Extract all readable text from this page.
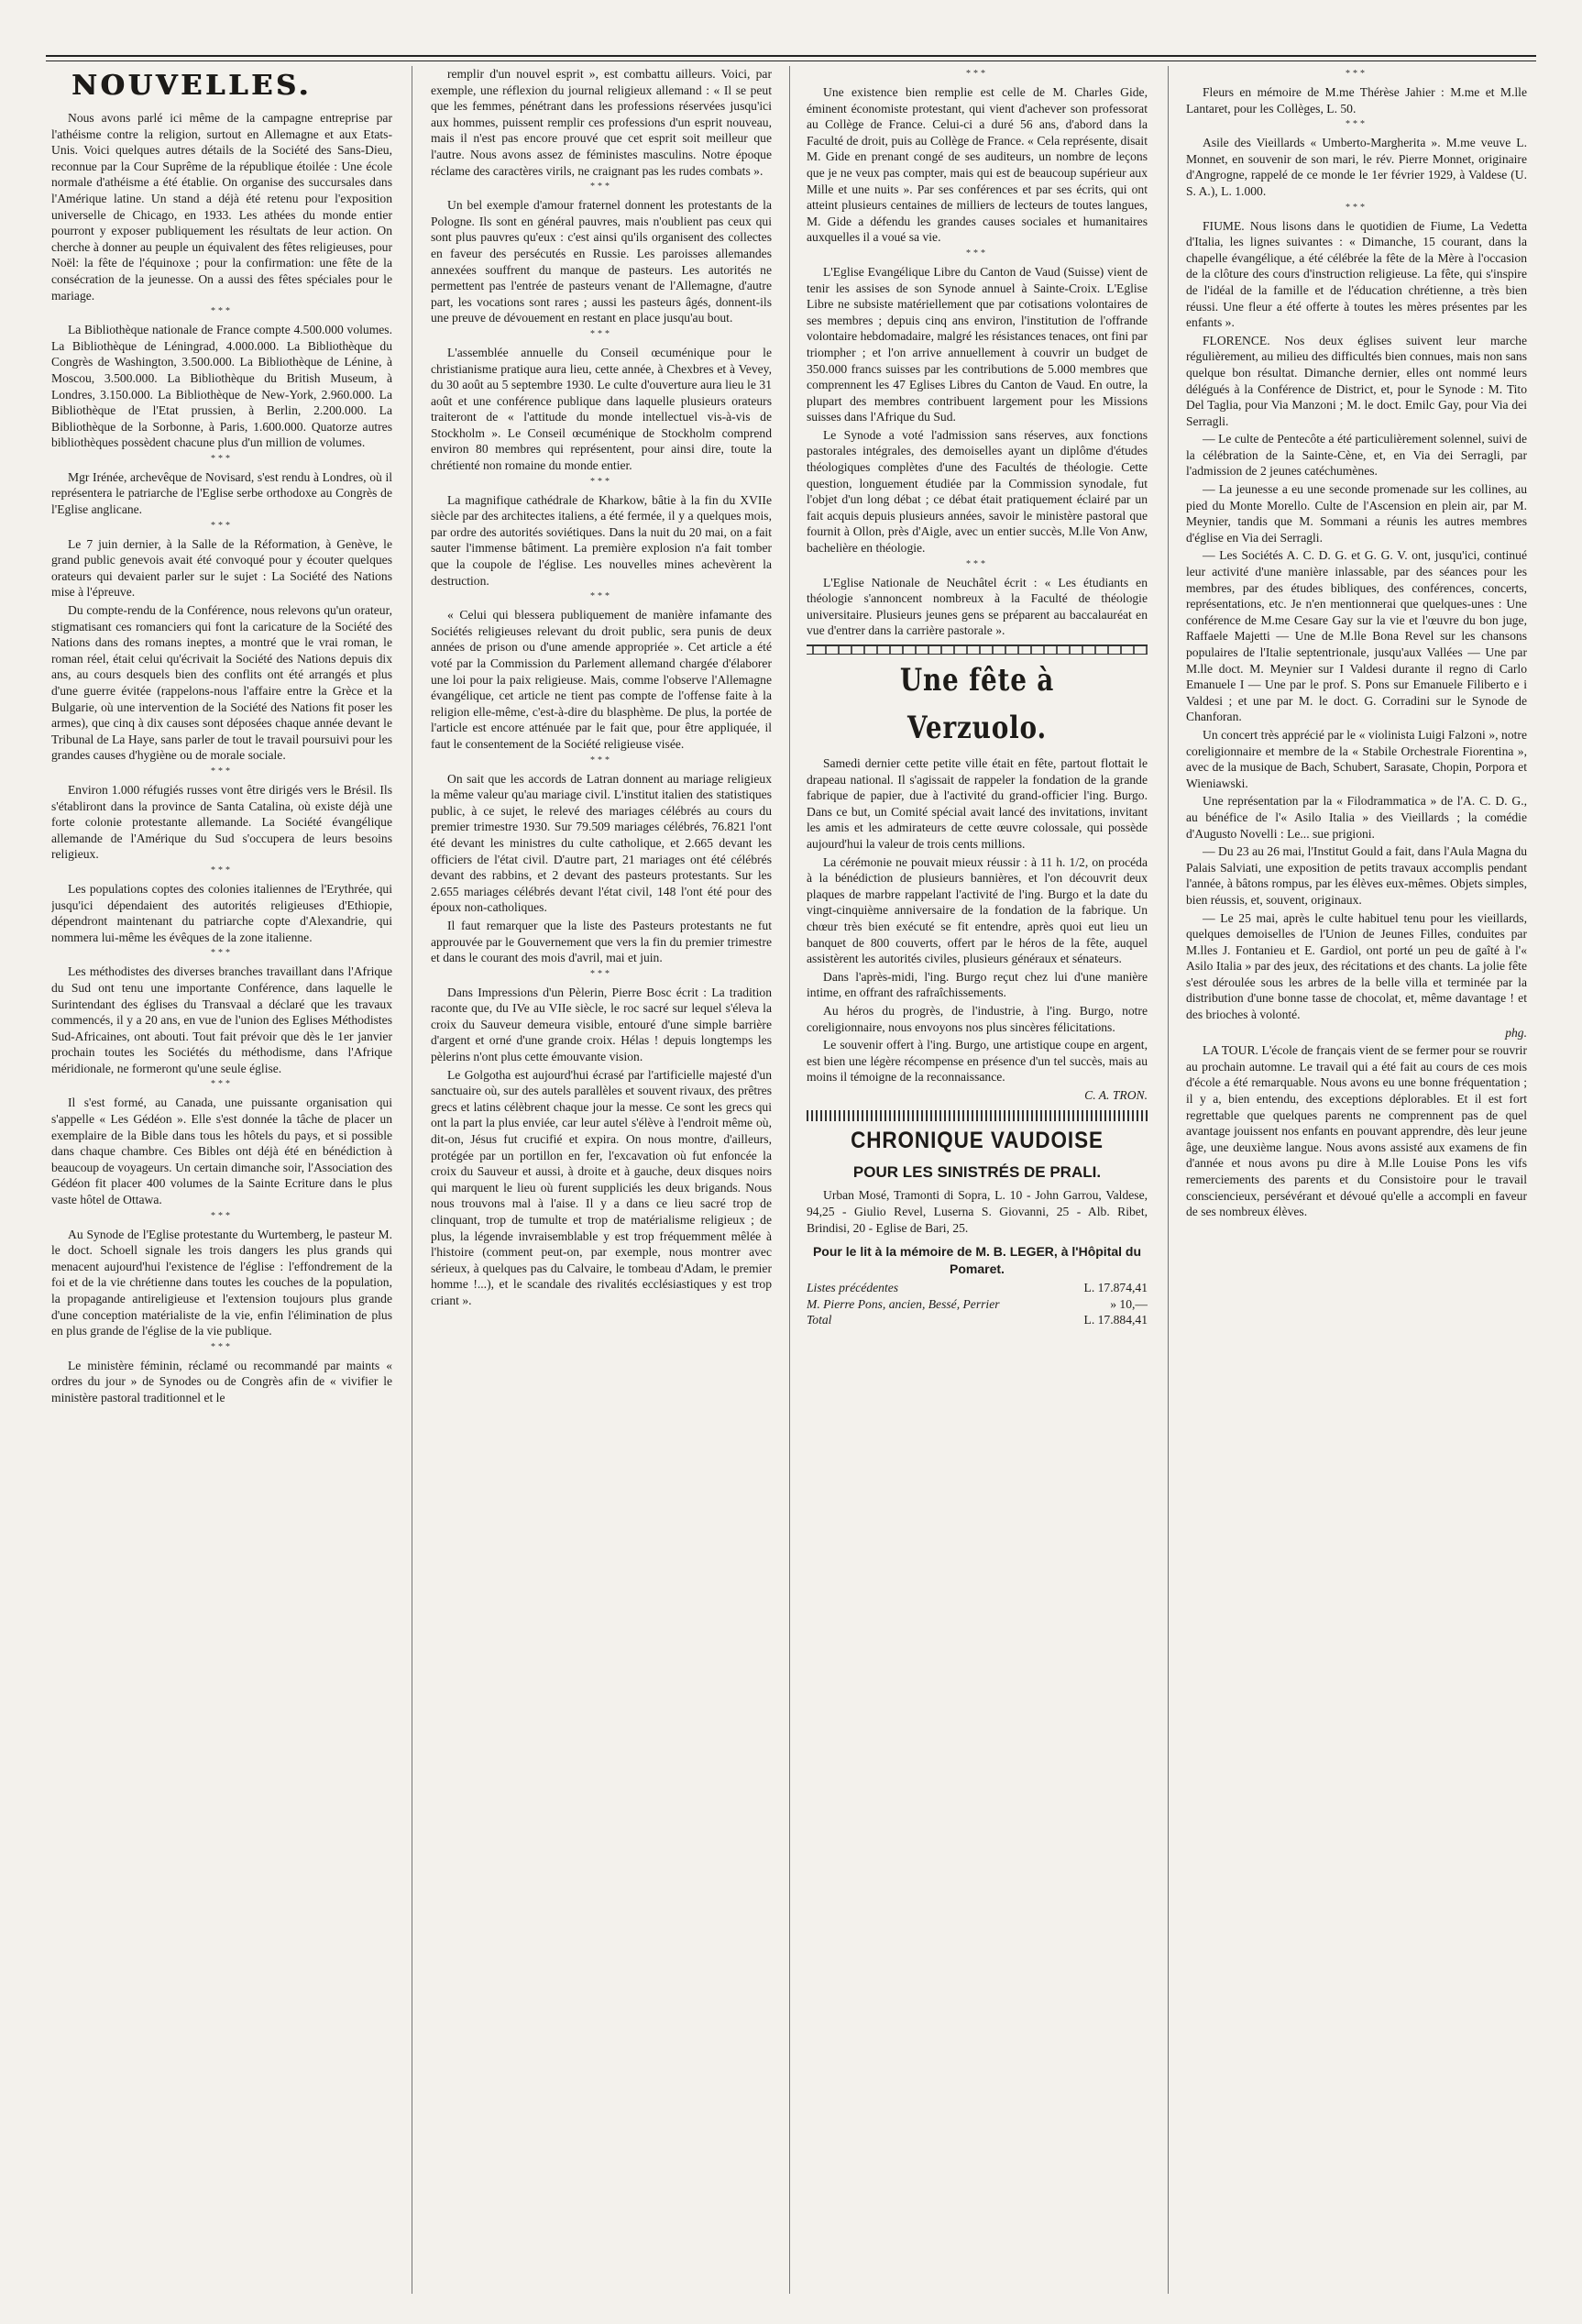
NOUVELLES.

Nous avons parlé ici même de la campagne entreprise par l'athéisme contre la religion, surtout en Allemagne et aux Etats-Unis. Voici quelques autres détails de la Société des Sans-Dieu, reconnue par la Cour Suprême de la république étoilée : Une école normale d'athéisme a été établie. On organise des succursales dans l'Amérique latine. Un stand a déjà été retenu pour l'exposition universelle de Chicago, en 1933. Les athées du monde entier pourront y exposer publiquement les résultats de leur action. On cherche à donner au peuple un équivalent des fêtes religieuses, pour Noël: la fête de l'équinoxe ; pour la confirmation: une fête de la consécration de la jeunesse. On a aussi des fêtes spéciales pour le mariage.

***

La Bibliothèque nationale de France compte 4.500.000 volumes. La Bibliothèque de Léningrad, 4.000.000. La Bibliothèque du Congrès de Washington, 3.500.000. La Bibliothèque de Lénine, à Moscou, 3.500.000. La Bibliothèque du British Museum, à Londres, 3.150.000. La Bibliothèque de New-York, 2.960.000. La Bibliothèque de l'Etat prussien, à Berlin, 2.200.000. La Bibliothèque de la Sorbonne, à Paris, 1.600.000. Quatorze autres bibliothèques possèdent chacune plus d'un million de volumes.

***

Mgr Irénée, archevêque de Novisard, s'est rendu à Londres, où il représentera le patriarche de l'Eglise serbe orthodoxe au Congrès de l'Eglise anglicane.

***

Le 7 juin dernier, à la Salle de la Réformation, à Genève, le grand public genevois avait été convoqué pour y écouter quelques orateurs qui devaient parler sur le sujet : La Société des Nations mise à l'épreuve.

Du compte-rendu de la Conférence, nous relevons qu'un orateur, stigmatisant ces romanciers qui font la caricature de la Société des Nations dans des romans ineptes, a montré que le vrai roman, le roman réel, était celui qu'écrivait la Société des Nations depuis dix ans, au cours desquels bien des conflits ont été arrangés et plus d'une guerre évitée (rappelons-nous l'affaire entre la Grèce et la Bulgarie, où une intervention de la Société des Nations fit poser les armes), que cinq à dix causes sont déposées chaque année devant le Tribunal de La Haye, sans parler de tout le travail poursuivi pour les grandes causes d'hygiène ou de morale sociale.

***

Environ 1.000 réfugiés russes vont être dirigés vers le Brésil. Ils s'établiront dans la province de Santa Catalina, où existe déjà une forte colonie protestante allemande. La Société évangélique allemande de l'Amérique du Sud s'occupera de leurs besoins religieux.

***

Les populations coptes des colonies italiennes de l'Erythrée, qui jusqu'ici dépendaient des autorités religieuses d'Ethiopie, dépendront maintenant du patriarche copte d'Alexandrie, qui nommera lui-même les évêques de la zone italienne.

***

Les méthodistes des diverses branches travaillant dans l'Afrique du Sud ont tenu une importante Conférence, dans laquelle le Surintendant des églises du Transvaal a déclaré que les travaux commencés, il y a 20 ans, en vue de l'union des Eglises Méthodistes Sud-Africaines, ont abouti. Tout fait prévoir que dès le 1er janvier prochain toutes les Sociétés du méthodisme, dans l'Afrique méridionale, ne formeront qu'une seule église.

***

Il s'est formé, au Canada, une puissante organisation qui s'appelle « Les Gédéon ». Elle s'est donnée la tâche de placer un exemplaire de la Bible dans tous les hôtels du pays, et si possible dans chaque chambre. Ces Bibles ont déjà été en bénédiction à beaucoup de voyageurs. Un certain dimanche soir, l'Association des Gédéon fit placer 400 volumes de la Sainte Ecriture dans le plus vaste hôtel de Ottawa.

***

Au Synode de l'Eglise protestante du Wurtemberg, le pasteur M. le doct. Schoell signale les trois dangers les plus grands qui menacent aujourd'hui l'existence de l'église : l'effondrement de la foi et de la vie chrétienne dans toutes les couches de la population, la propagande antireligieuse et l'extension toujours plus grande d'une conception matérialiste de la vie, enfin l'élimination de plus en plus grande de l'église de la vie publique.

***

Le ministère féminin, réclamé ou recommandé par maints « ordres du jour » de Synodes ou de Congrès afin de « vivifier le ministère pastoral traditionnel et le

remplir d'un nouvel esprit », est combattu ailleurs. Voici, par exemple, une réflexion du journal religieux allemand : « Il se peut que les femmes, pénétrant dans les professions réservées jusqu'ici aux hommes, puissent remplir ces professions d'un esprit nouveau, mais il n'est pas encore prouvé que cet esprit soit meilleur que l'autre. Nous avons assez de féministes masculins. Notre époque réclame des caractères virils, ne craignant pas les rudes combats ».

***

Un bel exemple d'amour fraternel donnent les protestants de la Pologne. Ils sont en général pauvres, mais n'oublient pas ceux qui sont plus pauvres qu'eux : c'est ainsi qu'ils organisent des collectes en faveur des persécutés en Russie. Les paroisses allemandes annexées souffrent du manque de pasteurs. Les autorités ne permettent pas l'entrée de pasteurs venant de l'Allemagne, d'autre part, les vocations sont rares ; aussi les pasteurs âgés, donnent-ils une preuve de dévouement en restant en place jusqu'au bout.

***

L'assemblée annuelle du Conseil œcuménique pour le christianisme pratique aura lieu, cette année, à Chexbres et à Vevey, du 30 août au 5 septembre 1930. Le culte d'ouverture aura lieu le 31 août et une conférence publique dans laquelle plusieurs orateurs traiteront de « l'attitude du monde intellectuel vis-à-vis de Stockholm ». Le Conseil œcuménique de Stockholm comprend environ 80 membres qui représentent, pour ainsi dire, toute la chrétienté non romaine du monde entier.

***

La magnifique cathédrale de Kharkow, bâtie à la fin du XVIIe siècle par des architectes italiens, a été fermée, il y a quelques mois, par ordre des autorités soviétiques. Dans la nuit du 20 mai, on a fait sauter l'immense bâtiment. La première explosion n'a fait tomber que la coupole de l'église. Les nouvelles mines achevèrent la destruction.

***

« Celui qui blessera publiquement de manière infamante des Sociétés religieuses relevant du droit public, sera punis de deux années de prison ou d'une amende appropriée ». Cet article a été voté par la Commission du Parlement allemand chargée d'élaborer une loi pour la paix religieuse. Mais, comme l'observe l'Allemagne évangélique, cet article ne tient pas compte de l'offense faite à la religion elle-même, c'est-à-dire du blasphème. De plus, la portée de l'article est encore atténuée par le fait que, pour être appliquée, il faut le consentement de la Société religieuse visée.

***

On sait que les accords de Latran donnent au mariage religieux la même valeur qu'au mariage civil. L'institut italien des statistiques public, à ce sujet, le relevé des mariages célébrés au cours du premier trimestre 1930. Sur 79.509 mariages célébrés, 76.821 l'ont été devant les ministres du culte catholique, et 2.665 devant les officiers de l'état civil. D'autre part, 21 mariages ont été célébrés devant des rabbins, et 2 devant des pasteurs protestants. Sur les 2.655 mariages célébrés devant l'état civil, 148 l'ont été pour des époux non-catholiques.

Il faut remarquer que la liste des Pasteurs protestants ne fut approuvée par le Gouvernement que vers la fin du premier trimestre et dans le courant des mois d'avril, mai et juin.

***

Dans Impressions d'un Pèlerin, Pierre Bosc écrit : La tradition raconte que, du IVe au VIIe siècle, le roc sacré sur lequel s'éleva la croix du Sauveur demeura visible, entouré d'une simple barrière d'argent et orné d'une grande croix. Hélas ! depuis longtemps les pèlerins n'ont plus cette émouvante vision.

Le Golgotha est aujourd'hui écrasé par l'artificielle majesté d'un sanctuaire où, sur des autels parallèles et souvent rivaux, des prêtres grecs et latins célèbrent chaque jour la messe. Ce sont les grecs qui ont la part la plus enviée, car leur autel s'élève à l'endroit même où, dit-on, Jésus fut crucifié et expira. On nous montre, d'ailleurs, protégée par un portillon en fer, l'excavation où fut enfoncée la croix du Sauveur et aussi, à droite et à gauche, deux disques noirs qui marquent le lieu où furent suppliciés les deux brigands. Nous nous trouvons mal à l'aise. Il y a dans ce lieu sacré trop de clinquant, trop de tumulte et trop de matérialisme religieux ; de plus, la légende invraisemblable y est trop fréquemment mêlée à l'histoire (comment peut-on, par exemple, nous montrer avec sérieux, à quelques pas du Calvaire, le tombeau d'Adam, le premier homme !...), et le scandale des rivalités ecclésiastiques y est trop criant ».

***

Une existence bien remplie est celle de M. Charles Gide, éminent économiste protestant, qui vient d'achever son professorat au Collège de France. Celui-ci a duré 56 ans, d'abord dans la Faculté de droit, puis au Collège de France. « Cela représente, disait M. Gide en prenant congé de ses auditeurs, un nombre de leçons que je ne veux pas compter, mais qui est de beaucoup supérieur aux Mille et une nuits ». Par ses conférences et par ses écrits, qui ont atteint plusieurs centaines de milliers de lecteurs de toutes langues, M. Gide a défendu les grandes causes sociales et humanitaires auxquelles il a voué sa vie.

***

L'Eglise Evangélique Libre du Canton de Vaud (Suisse) vient de tenir les assises de son Synode annuel à Sainte-Croix. L'Eglise Libre ne subsiste matériellement que par cotisations volontaires de ses membres ; depuis cinq ans environ, l'institution de l'offrande volontaire hebdomadaire, malgré les résistances tenaces, ont fini par triompher ; et l'on arrive annuellement à couvrir un budget de 350.000 francs suisses par les contributions de 5.000 membres que comprennent les 47 Eglises Libres du Canton de Vaud. En outre, la plupart des membres contribuent largement pour les Missions suisses dans l'Afrique du Sud.

Le Synode a voté l'admission sans réserves, aux fonctions pastorales intégrales, des demoiselles ayant un diplôme d'études théologiques complètes d'une des Facultés de théologie. Cette question, longuement étudiée par la Commission synodale, fut l'objet d'un long débat ; ce débat était pratiquement éclairé par un fait acquis depuis plusieurs années, savoir le ministère pastoral que fournit à Ollon, près d'Aigle, avec un entier succès, M.lle Von Anw, bachelière en théologie.

***

L'Eglise Nationale de Neuchâtel écrit : « Les étudiants en théologie s'annoncent nombreux à la Faculté de théologie universitaire. Plusieurs jeunes gens se préparent au baccalauréat en vue d'entrer dans la carrière pastorale ».

Une fête à Verzuolo.

Samedi dernier cette petite ville était en fête, partout flottait le drapeau national. Il s'agissait de rappeler la fondation de la grande fabrique de papier, due à l'activité du grand-officier l'ing. Burgo. Dans ce but, un Comité spécial avait lancé des invitations, invitant les amis et les admirateurs de cette œuvre colossale, qui possède aujourd'hui la valeur de trois cents millions.

La cérémonie ne pouvait mieux réussir : à 11 h. 1/2, on procéda à la bénédiction de plusieurs bannières, et l'on découvrit deux plaques de marbre rappelant l'activité de l'ing. Burgo et la date du vingt-cinquième anniversaire de la fondation de la fabrique. Un chœur très bien exécuté se fit entendre, après quoi eut lieu un banquet de 800 couverts, offert par le héros de la fête, auquel assistèrent les autorités civiles, plusieurs généraux et sénateurs.

Dans l'après-midi, l'ing. Burgo reçut chez lui d'une manière intime, en offrant des rafraîchissements.

Au héros du progrès, de l'industrie, à l'ing. Burgo, notre coreligionnaire, nous envoyons nos plus sincères félicitations.

Le souvenir offert à l'ing. Burgo, une artistique coupe en argent, est bien une légère récompense en présence d'un tel succès, mais au moins il témoigne de la reconnaissance.

C. A. TRON.

CHRONIQUE VAUDOISE
POUR LES SINISTRÉS DE PRALI.

Urban Mosé, Tramonti di Sopra, L. 10 - John Garrou, Valdese, 94,25 - Giulio Revel, Luserna S. Giovanni, 25 - Alb. Ribet, Brindisi, 20 - Eglise de Bari, 25.

Pour le lit à la mémoire de M. B. LEGER, à l'Hôpital du Pomaret.
Listes précédentes	L. 17.874,41
M. Pierre Pons, ancien, Bessé, Perrier	» 10,—
Total	L. 17.884,41

***

Fleurs en mémoire de M.me Thérèse Jahier : M.me et M.lle Lantaret, pour les Collèges, L. 50.

***

Asile des Vieillards « Umberto-Margherita ». M.me veuve L. Monnet, en souvenir de son mari, le rév. Pierre Monnet, originaire d'Angrogne, rappelé de ce monde le 1er février 1929, à Valdese (U. S. A.), L. 1.000.

***

FIUME. Nous lisons dans le quotidien de Fiume, La Vedetta d'Italia, les lignes suivantes : « Dimanche, 15 courant, dans la chapelle évangélique, a été célébrée la fête de la Mère à l'occasion de la clôture des cours d'instruction religieuse. La fête, qui s'inspire de l'idéal de la famille et de l'éducation chrétienne, a très bien réussi. Une fleur a été offerte à toutes les mères présentes par les enfants ».

FLORENCE. Nos deux églises suivent leur marche régulièrement, au milieu des difficultés bien connues, mais non sans quelque bon résultat. Dimanche dernier, elles ont nommé leurs délégués à la Conférence de District, et, pour le Synode : M. Tito Del Taglia, pour Via Manzoni ; M. le doct. Emilc Gay, pour Via dei Serragli.

— Le culte de Pentecôte a été particulièrement solennel, suivi de la célébration de la Sainte-Cène, et, en Via dei Serragli, par l'admission de 2 jeunes catéchumènes.

— La jeunesse a eu une seconde promenade sur les collines, au pied du Monte Morello. Culte de l'Ascension en plein air, par M. Meynier, tandis que M. Sommani a réunis les autres membres d'église en Via dei Serragli.

— Les Sociétés A. C. D. G. et G. G. V. ont, jusqu'ici, continué leur activité d'une manière inlassable, par des séances pour les membres, par des études bibliques, des conférences, concerts, représentations, etc. Je n'en mentionnerai que quelques-unes : Une conférence de M.me Cesare Gay sur la vie et l'œuvre du bon juge, Raffaele Majetti — Une de M.lle Bona Revel sur les chansons populaires de l'Italie septentrionale, jusqu'aux Vallées — Une par M.lle doct. M. Meynier sur I Valdesi durante il regno di Carlo Emanuele I — Une par le prof. S. Pons sur Emanuele Filiberto e i Valdesi ; et une par M. le doct. G. Corradini sur le Synode de Chanforan.

Un concert très apprécié par le « violinista Luigi Falzoni », notre coreligionnaire et membre de la « Stabile Orchestrale Fiorentina », avec de la musique de Bach, Schubert, Sarasate, Chopin, Porpora et Wieniawski.

Une représentation par la « Filodrammatica » de l'A. C. D. G., au bénéfice de l'« Asilo Italia » des Vieillards ; la comédie d'Augusto Novelli : Le... sue prigioni.

— Du 23 au 26 mai, l'Institut Gould a fait, dans l'Aula Magna du Palais Salviati, une exposition de petits travaux accomplis pendant l'année, à bâtons rompus, par les élèves eux-mêmes. Objets simples, bien réussis, et, souvent, originaux.

— Le 25 mai, après le culte habituel tenu pour les vieillards, quelques demoiselles de l'Union de Jeunes Filles, conduites par M.lles J. Fontanieu et E. Gardiol, ont porté un peu de gaîté à l'« Asilo Italia » par des jeux, des récitations et des chants. La jolie fête s'est déroulée sous les arbres de la belle villa et terminée par la distribution d'une bonne tasse de chocolat, et, même davantage ! et des brioches à volonté.

phg.

LA TOUR. L'école de français vient de se fermer pour se rouvrir au prochain automne. Le travail qui a été fait au cours de ces mois d'école a été remarquable. Nous avons eu une bonne fréquentation ; il y a, bien entendu, des exceptions déplorables. Et il est fort regrettable que quelques parents ne comprennent pas de quel avantage jouissent nos enfants en pouvant apprendre, dès leur jeune âge, une deuxième langue. Nous avons assisté aux examens de fin d'année et nous avons pu dire à M.lle Louise Pons les vifs remerciements des parents et du Consistoire pour le travail consciencieux, persévérant et dévoué qu'elle a accompli en faveur de ses nombreux élèves.
